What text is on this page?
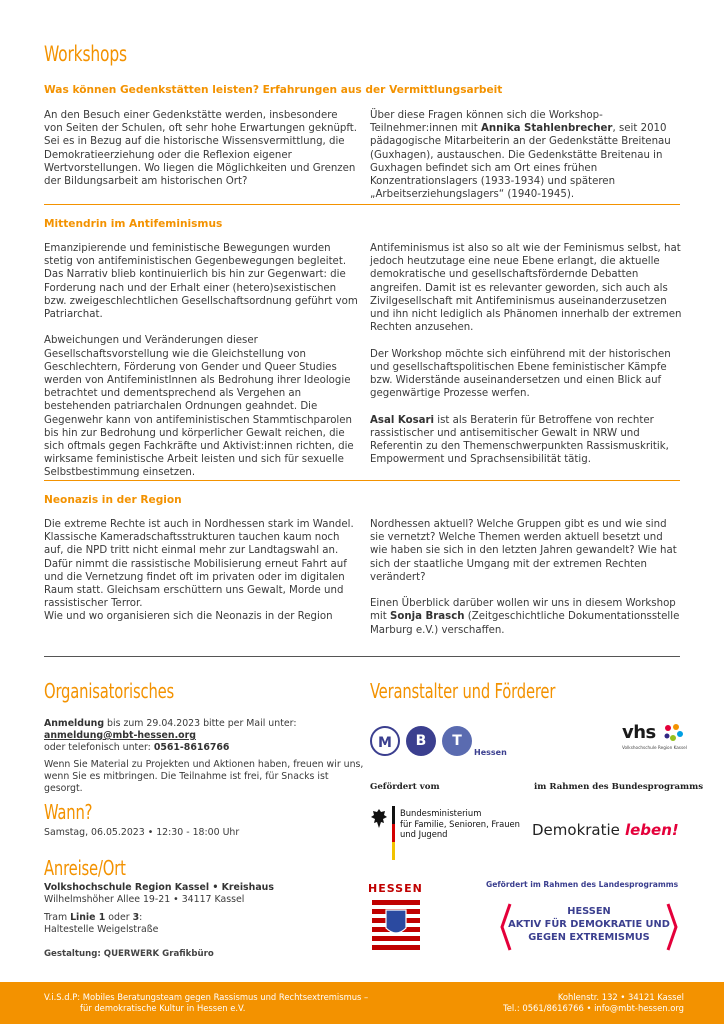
Workshops
Was können Gedenkstätten leisten? Erfahrungen aus der Vermittlungsarbeit

An den Besuch einer Gedenkstätte werden, insbesondere von Seiten der Schulen, oft sehr hohe Erwartungen geknüpft. Sei es in Bezug auf die historische Wissensvermittlung, die Demokratieerziehung oder die Reflexion eigener Wertvorstellungen. Wo liegen die Möglichkeiten und Grenzen der Bildungsarbeit am historischen Ort?

Über diese Fragen können sich die Workshop-Teilnehmer:innen mit Annika Stahlenbrecher, seit 2010 pädagogische Mitarbeiterin an der Gedenkstätte Breitenau (Guxhagen), austauschen. Die Gedenkstätte Breitenau in Guxhagen befindet sich am Ort eines frühen Konzentrationslagers (1933-1934) und späteren „Arbeitserziehungslagers“ (1940-1945).

Mittendrin im Antifeminismus

Emanzipierende und feministische Bewegungen wurden stetig von antifeministischen Gegenbewegungen begleitet. Das Narrativ blieb kontinuierlich bis hin zur Gegenwart: die Forderung nach und der Erhalt einer (hetero)sexistischen bzw. zweigeschlechtlichen Gesellschaftsordnung geführt vom Patriarchat.

Abweichungen und Veränderungen dieser Gesellschaftsvorstellung wie die Gleichstellung von Geschlechtern, Förderung von Gender und Queer Studies werden von AntifeministInnen als Bedrohung ihrer Ideologie betrachtet und dementsprechend als Vergehen an bestehenden patriarchalen Ordnungen geahndet. Die Gegenwehr kann von antifeministischen Stammtischparolen bis hin zur Bedrohung und körperlicher Gewalt reichen, die sich oftmals gegen Fachkräfte und Aktivist:innen richten, die wirksame feministische Arbeit leisten und sich für sexuelle Selbstbestimmung einsetzen.

Antifeminismus ist also so alt wie der Feminismus selbst, hat jedoch heutzutage eine neue Ebene erlangt, die aktuelle demokratische und gesellschaftsfördernde Debatten angreifen. Damit ist es relevanter geworden, sich auch als Zivilgesellschaft mit Antifeminismus auseinanderzusetzen und ihn nicht lediglich als Phänomen innerhalb der extremen Rechten anzusehen.

Der Workshop möchte sich einführend mit der historischen und gesellschaftspolitischen Ebene feministischer Kämpfe bzw. Widerstände auseinandersetzen und einen Blick auf gegenwärtige Prozesse werfen.

Asal Kosari ist als Beraterin für Betroffene von rechter rassistischer und antisemitischer Gewalt in NRW und Referentin zu den Themenschwerpunkten Rassismuskritik, Empowerment und Sprachsensibilität tätig.

Neonazis in der Region

Die extreme Rechte ist auch in Nordhessen stark im Wandel. Klassische Kameradschaftsstrukturen tauchen kaum noch auf, die NPD tritt nicht einmal mehr zur Landtagswahl an. Dafür nimmt die rassistische Mobilisierung erneut Fahrt auf und die Vernetzung findet oft im privaten oder im digitalen Raum statt. Gleichsam erschüttern uns Gewalt, Morde und rassistischer Terror.

Wie und wo organisieren sich die Neonazis in der Region

Nordhessen aktuell? Welche Gruppen gibt es und wie sind sie vernetzt? Welche Themen werden aktuell besetzt und wie haben sie sich in den letzten Jahren gewandelt? Wie hat sich der staatliche Umgang mit der extremen Rechten verändert?

Einen Überblick darüber wollen wir uns in diesem Workshop mit Sonja Brasch (Zeitgeschichtliche Dokumentationsstelle Marburg e.V.) verschaffen.

Organisatorisches
Anmeldung bis zum 29.04.2023 bitte per Mail unter:
anmeldung@mbt-hessen.org
oder telefonisch unter: 0561-8616766
Wenn Sie Material zu Projekten und Aktionen haben, freuen wir uns, wenn Sie es mitbringen. Die Teilnahme ist frei, für Snacks ist gesorgt.
Wann?
Samstag, 06.05.2023 • 12:30 - 18:00 Uhr
Anreise/Ort
Volkshochschule Region Kassel • Kreishaus
Wilhelmshöher Allee 19-21 • 34117 Kassel
Tram Linie 1 oder 3:
Haltestelle Weigelstraße
Gestaltung: QUERWERK Grafikbüro
Veranstalter und Förderer
M	B	T
Hessen
vhs
Volkshochschule Region Kassel
Gefördert vom	im Rahmen des Bundesprogramms
Bundesministerium
für Familie, Senioren, Frauen
und Jugend	Demokratie leben!
HESSEN	Gefördert im Rahmen des Landesprogramms
HESSEN
AKTIV FÜR DEMOKRATIE UND
GEGEN EXTREMISMUS
V.i.S.d.P: Mobiles Beratungsteam gegen Rassismus und Rechtsextremismus –
für demokratische Kultur in Hessen e.V.
Kohlenstr. 132 • 34121 Kassel
Tel.: 0561/8616766 • info@mbt-hessen.org
